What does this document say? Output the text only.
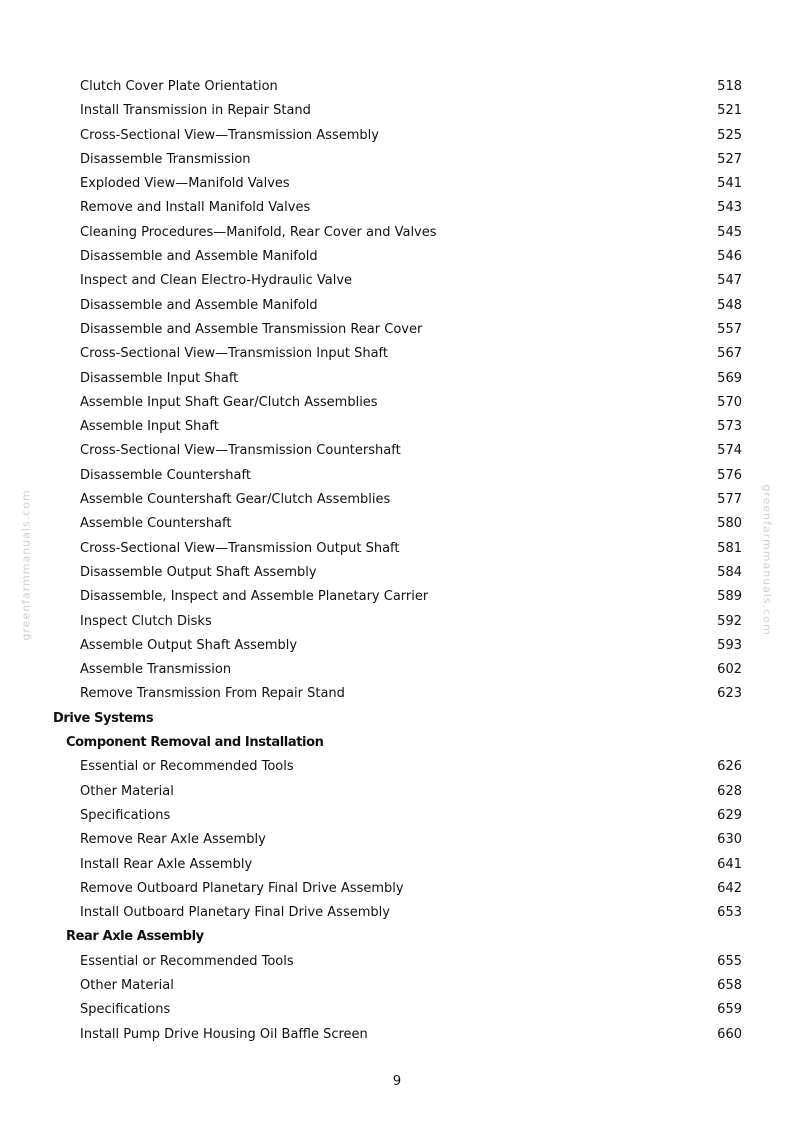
greenfarmmanuals.com	greenfarmmanuals.com
Clutch Cover Plate Orientation	518
Install Transmission in Repair Stand	521
Cross-Sectional View—Transmission Assembly	525
Disassemble Transmission	527
Exploded View—Manifold Valves	541
Remove and Install Manifold Valves	543
Cleaning Procedures—Manifold, Rear Cover and Valves	545
Disassemble and Assemble Manifold	546
Inspect and Clean Electro-Hydraulic Valve	547
Disassemble and Assemble Manifold	548
Disassemble and Assemble Transmission Rear Cover	557
Cross-Sectional View—Transmission Input Shaft	567
Disassemble Input Shaft	569
Assemble Input Shaft Gear/Clutch Assemblies	570
Assemble Input Shaft	573
Cross-Sectional View—Transmission Countershaft	574
Disassemble Countershaft	576
Assemble Countershaft Gear/Clutch Assemblies	577
Assemble Countershaft	580
Cross-Sectional View—Transmission Output Shaft	581
Disassemble Output Shaft Assembly	584
Disassemble, Inspect and Assemble Planetary Carrier	589
Inspect Clutch Disks	592
Assemble Output Shaft Assembly	593
Assemble Transmission	602
Remove Transmission From Repair Stand	623
Drive Systems
Component Removal and Installation
Essential or Recommended Tools	626
Other Material	628
Specifications	629
Remove Rear Axle Assembly	630
Install Rear Axle Assembly	641
Remove Outboard Planetary Final Drive Assembly	642
Install Outboard Planetary Final Drive Assembly	653
Rear Axle Assembly
Essential or Recommended Tools	655
Other Material	658
Specifications	659
Install Pump Drive Housing Oil Baffle Screen	660
9
